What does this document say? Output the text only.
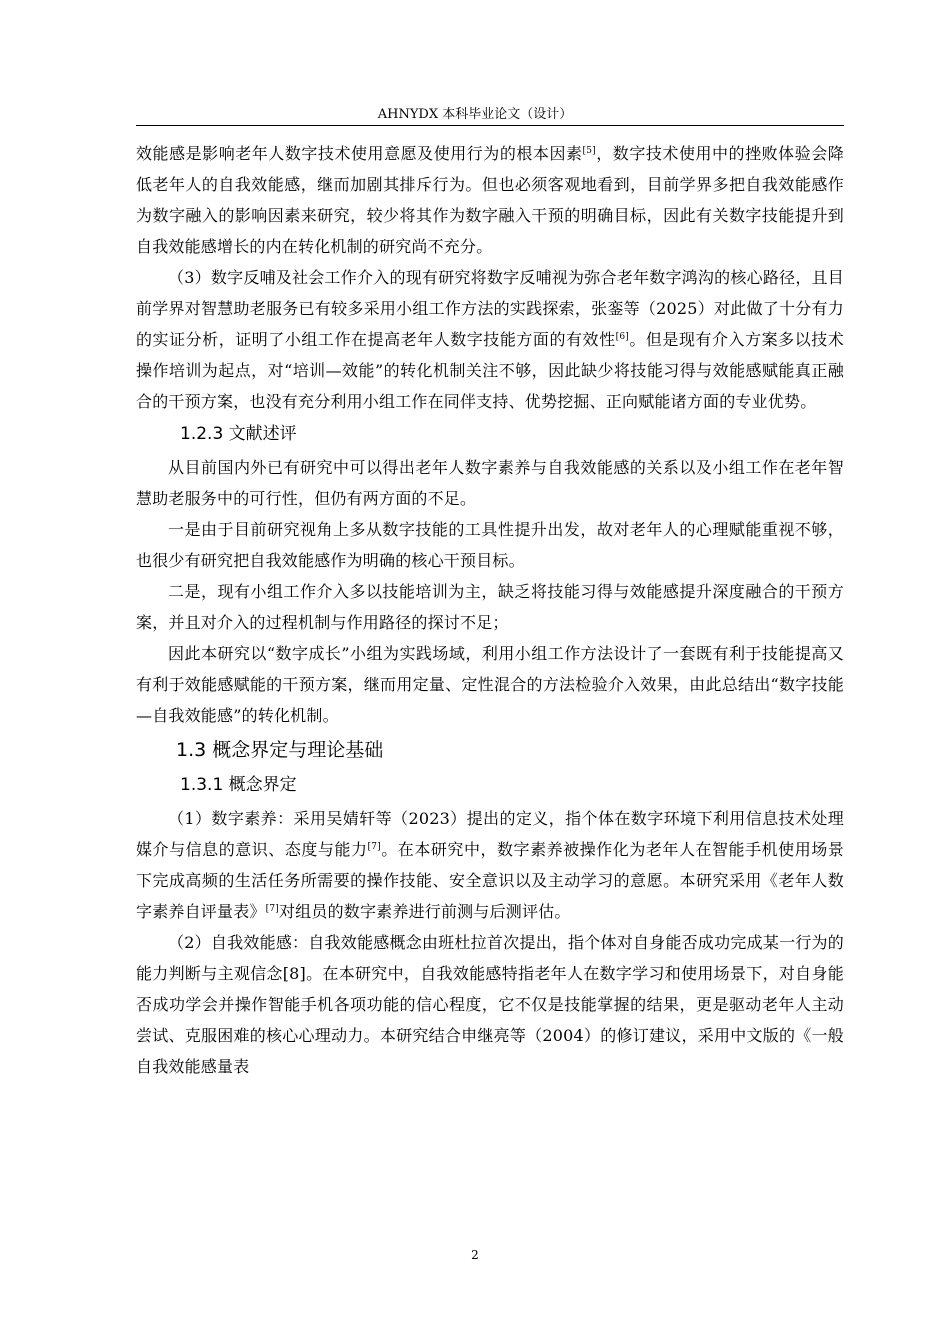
AHNYDX 本科毕业论文（设计）

效能感是影响老年人数字技术使用意愿及使用行为的根本因素[5]，数字技术使用中的挫败体验会降低老年人的自我效能感，继而加剧其排斥行为。但也必须客观地看到，目前学界多把自我效能感作为数字融入的影响因素来研究，较少将其作为数字融入干预的明确目标，因此有关数字技能提升到自我效能感增长的内在转化机制的研究尚不充分。

（3）数字反哺及社会工作介入的现有研究将数字反哺视为弥合老年数字鸿沟的核心路径，且目前学界对智慧助老服务已有较多采用小组工作方法的实践探索，张銮等（2025）对此做了十分有力的实证分析，证明了小组工作在提高老年人数字技能方面的有效性[6]。但是现有介入方案多以技术操作培训为起点，对“培训—效能”的转化机制关注不够，因此缺少将技能习得与效能感赋能真正融合的干预方案，也没有充分利用小组工作在同伴支持、优势挖掘、正向赋能诸方面的专业优势。

1.2.3 文献述评

从目前国内外已有研究中可以得出老年人数字素养与自我效能感的关系以及小组工作在老年智慧助老服务中的可行性，但仍有两方面的不足。

一是由于目前研究视角上多从数字技能的工具性提升出发，故对老年人的心理赋能重视不够，也很少有研究把自我效能感作为明确的核心干预目标。

二是，现有小组工作介入多以技能培训为主，缺乏将技能习得与效能感提升深度融合的干预方案，并且对介入的过程机制与作用路径的探讨不足；

因此本研究以“数字成长”小组为实践场域，利用小组工作方法设计了一套既有利于技能提高又有利于效能感赋能的干预方案，继而用定量、定性混合的方法检验介入效果，由此总结出“数字技能—自我效能感”的转化机制。

1.3 概念界定与理论基础
1.3.1 概念界定

（1）数字素养：采用吴婧轩等（2023）提出的定义，指个体在数字环境下利用信息技术处理媒介与信息的意识、态度与能力[7]。在本研究中，数字素养被操作化为老年人在智能手机使用场景下完成高频的生活任务所需要的操作技能、安全意识以及主动学习的意愿。本研究采用《老年人数字素养自评量表》[7]对组员的数字素养进行前测与后测评估。

（2）自我效能感：自我效能感概念由班杜拉首次提出，指个体对自身能否成功完成某一行为的能力判断与主观信念[8]。在本研究中，自我效能感特指老年人在数字学习和使用场景下，对自身能否成功学会并操作智能手机各项功能的信心程度，它不仅是技能掌握的结果，更是驱动老年人主动尝试、克服困难的核心心理动力。本研究结合申继亮等（2004）的修订建议，采用中文版的《一般自我效能感量表

2
